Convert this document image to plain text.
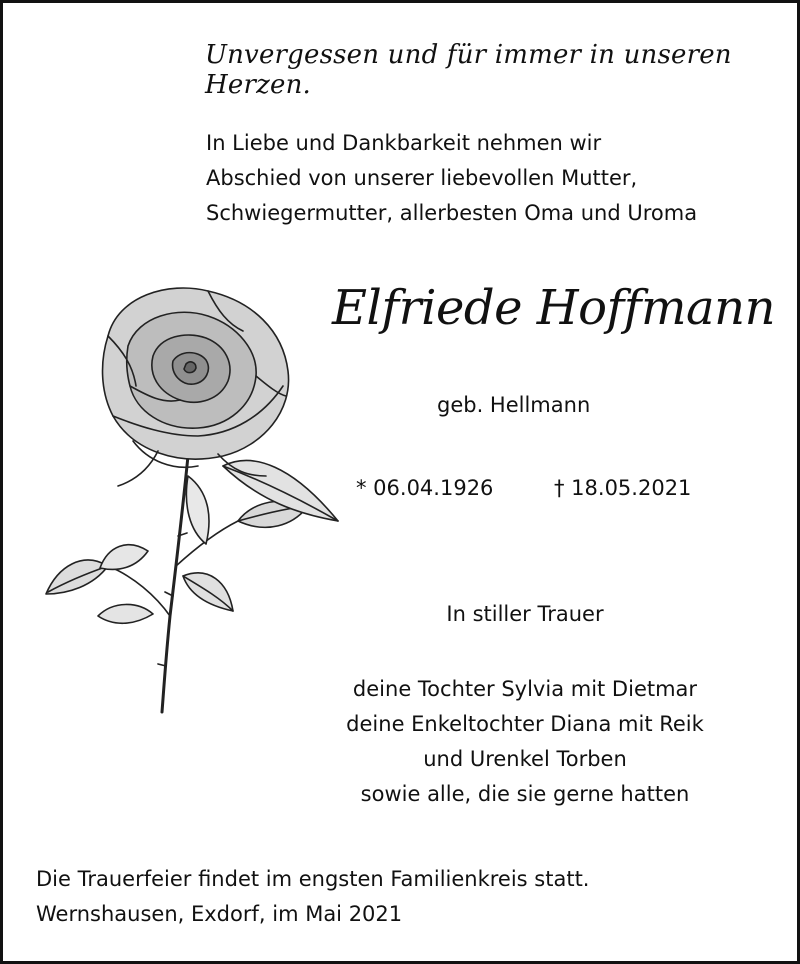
Unvergessen und für immer in unseren Herzen.
In Liebe und Dankbarkeit nehmen wir
Abschied von unserer liebevollen Mutter,
Schwiegermutter, allerbesten Oma und Uroma
Elfriede Hoffmann
geb. Hellmann
* 06.04.1926	† 18.05.2021
In stiller Trauer
deine Tochter Sylvia mit Dietmar
deine Enkeltochter Diana mit Reik
und Urenkel Torben
sowie alle, die sie gerne hatten
Die Trauerfeier findet im engsten Familienkreis statt.
Wernshausen, Exdorf, im Mai 2021
